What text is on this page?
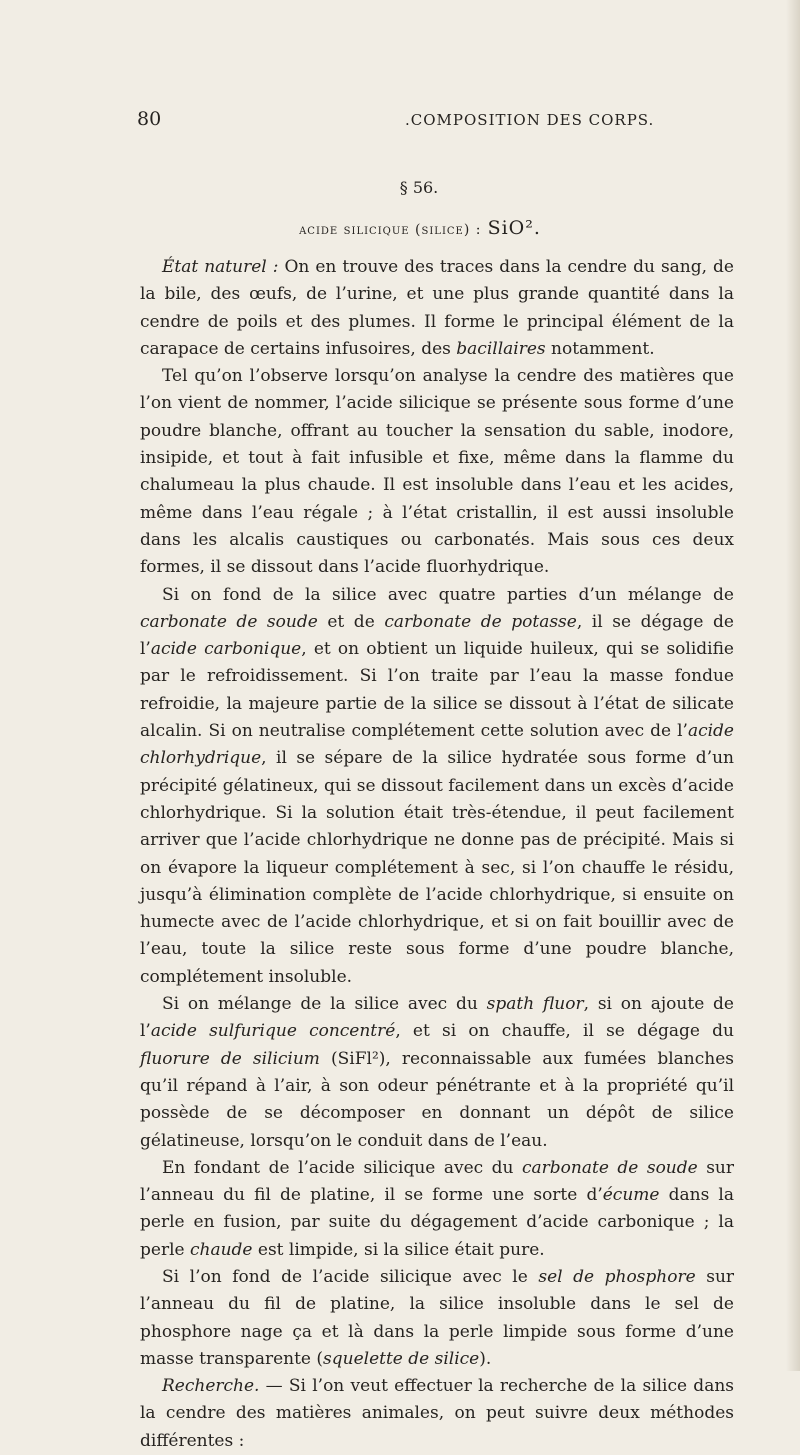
80	.COMPOSITION DES CORPS.
§ 56.
acide silicique (silice) : SiO².

État naturel : On en trouve des traces dans la cendre du sang, de la bile, des œufs, de l’urine, et une plus grande quantité dans la cendre de poils et des plumes. Il forme le principal élément de la carapace de certains infusoires, des bacillaires notamment.

Tel qu’on l’observe lorsqu’on analyse la cendre des matières que l’on vient de nommer, l’acide silicique se présente sous forme d’une poudre blanche, offrant au toucher la sensation du sable, inodore, insipide, et tout à fait infusible et fixe, même dans la flamme du chalumeau la plus chaude. Il est insoluble dans l’eau et les acides, même dans l’eau régale ; à l’état cristallin, il est aussi insoluble dans les alcalis caustiques ou carbonatés. Mais sous ces deux formes, il se dissout dans l’acide fluorhydrique.

Si on fond de la silice avec quatre parties d’un mélange de carbonate de soude et de carbonate de potasse, il se dégage de l’acide carbonique, et on obtient un liquide huileux, qui se solidifie par le refroidissement. Si l’on traite par l’eau la masse fondue refroidie, la majeure partie de la silice se dissout à l’état de silicate alcalin. Si on neutralise complétement cette solution avec de l’acide chlorhydrique, il se sépare de la silice hydratée sous forme d’un précipité gélatineux, qui se dissout facilement dans un excès d’acide chlorhydrique. Si la solution était très-étendue, il peut facilement arriver que l’acide chlorhydrique ne donne pas de précipité. Mais si on évapore la liqueur complétement à sec, si l’on chauffe le résidu, jusqu’à élimination complète de l’acide chlorhydrique, si ensuite on humecte avec de l’acide chlorhydrique, et si on fait bouillir avec de l’eau, toute la silice reste sous forme d’une poudre blanche, complétement insoluble.

Si on mélange de la silice avec du spath fluor, si on ajoute de l’acide sulfurique concentré, et si on chauffe, il se dégage du fluorure de silicium (SiFl²), reconnaissable aux fumées blanches qu’il répand à l’air, à son odeur pénétrante et à la propriété qu’il possède de se décomposer en donnant un dépôt de silice gélatineuse, lorsqu’on le conduit dans de l’eau.

En fondant de l’acide silicique avec du carbonate de soude sur l’anneau du fil de platine, il se forme une sorte d’écume dans la perle en fusion, par suite du dégagement d’acide carbonique ; la perle chaude est limpide, si la silice était pure.

Si l’on fond de l’acide silicique avec le sel de phosphore sur l’anneau du fil de platine, la silice insoluble dans le sel de phosphore nage ça et là dans la perle limpide sous forme d’une masse transparente (squelette de silice).

Recherche. — Si l’on veut effectuer la recherche de la silice dans la cendre des matières animales, on peut suivre deux méthodes différentes :
